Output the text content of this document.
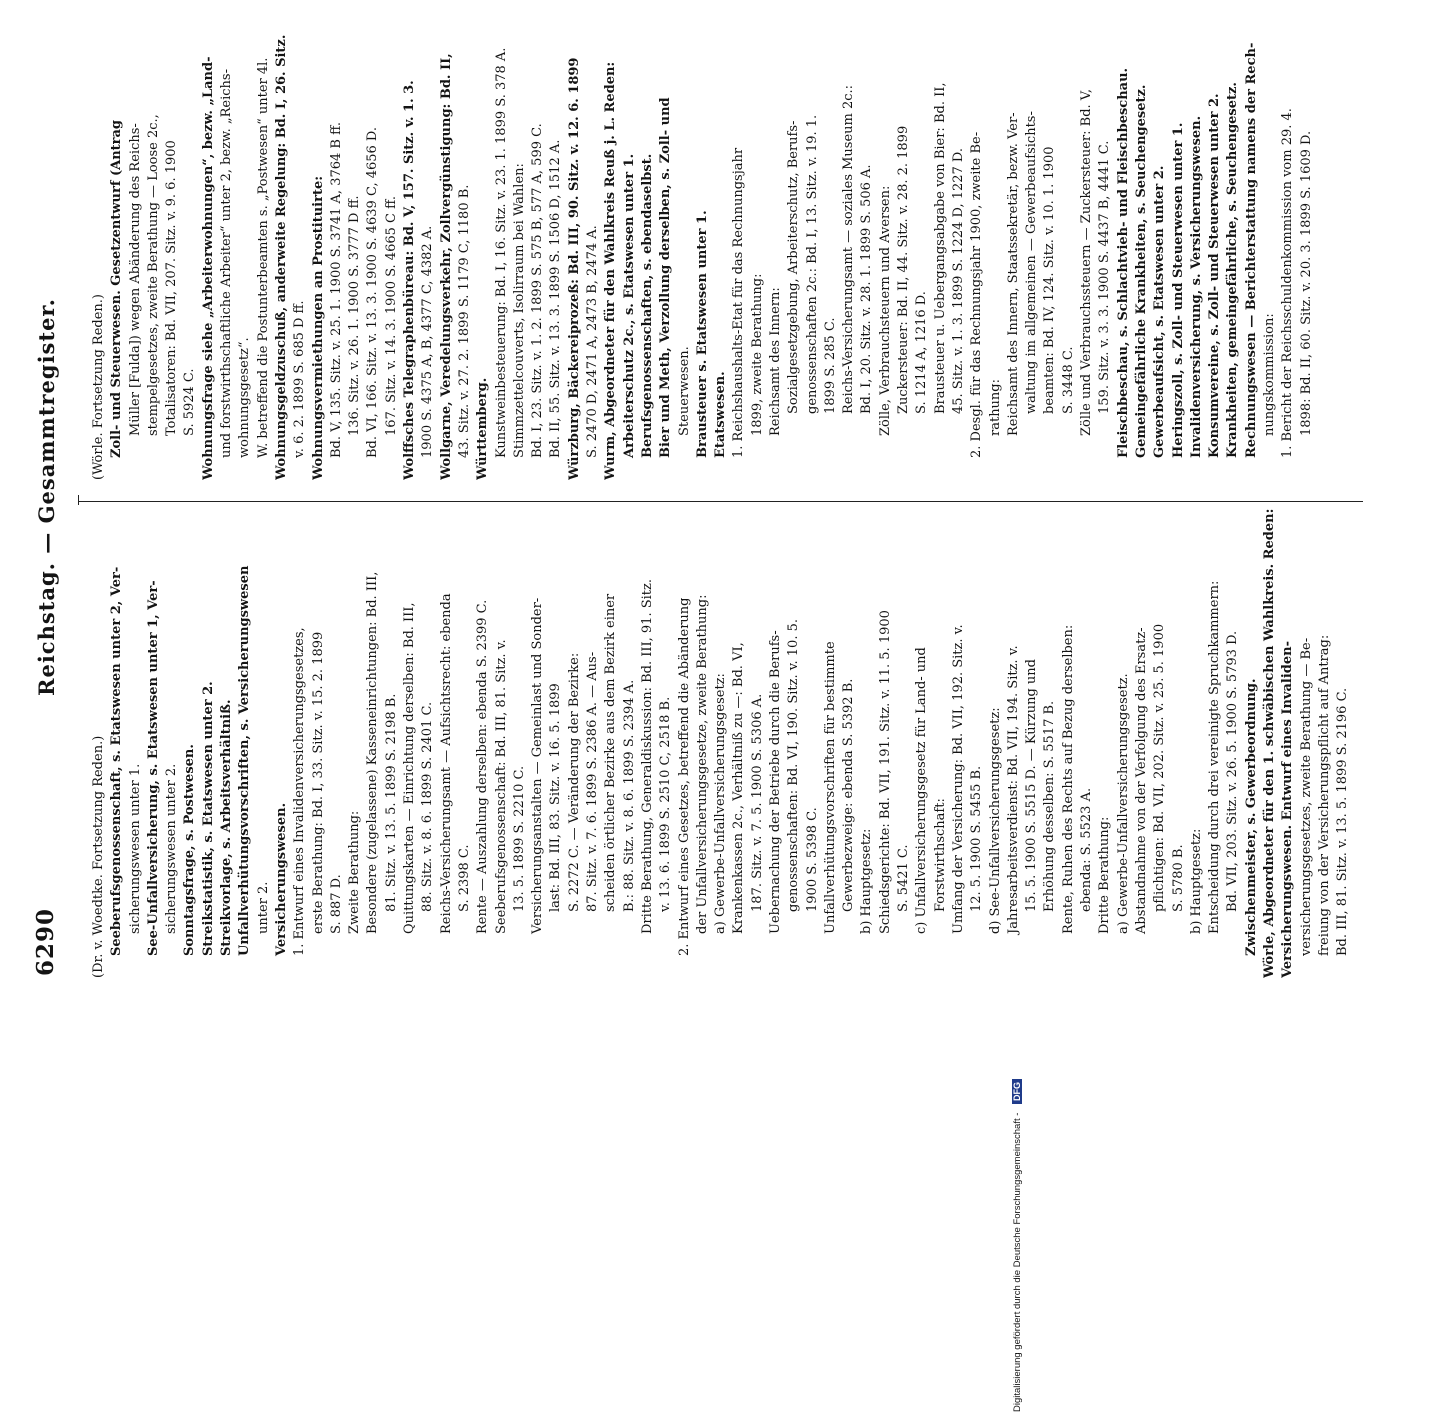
6290
Reichstag. — Gesammtregister.
(Dr. v. Woedtke. Fortsetzung Reden.) Seeberufsgenossenschaft, s. Etatswesen unter 2, Ver- sicherungswesen unter 1. See-Unfallversicherung, s. Etatswesen unter 1, Ver- sicherungswesen unter 2. Sonntagsfrage, s. Postwesen. Streikstatistik, s. Etatswesen unter 2. Streikvorlage, s. Arbeitsverhältniß. Unfallverhütungsvorschriften, s. Versicherungswesen unter 2. Versicherungswesen. 1. Entwurf eines Invalidenversicherungsgesetzes, erste Berathung: Bd. I, 33. Sitz. v. 15. 2. 1899 S. 887 D. Zweite Berathung: Besondere (zugelassene) Kasseneinrichtungen: Bd. III, 81. Sitz. v. 13. 5. 1899 S. 2198 B. Quittungskarten — Einrichtung derselben: Bd. III, 88. Sitz. v. 8. 6. 1899 S. 2401 C. Reichs-Versicherungsamt — Aufsichtsrecht: ebenda S. 2398 C. Rente — Auszahlung derselben: ebenda S. 2399 C. Seeberufsgenossenschaft: Bd. III, 81. Sitz. v. 13. 5. 1899 S. 2210 C. Versicherungsanstalten — Gemeinlast und Sonder- last: Bd. III, 83. Sitz. v. 16. 5. 1899 S. 2272 C. — Veränderung der Bezirke: 87. Sitz. v. 7. 6. 1899 S. 2386 A. — Aus- scheiden örtlicher Bezirke aus dem Bezirk einer B.: 88. Sitz. v. 8. 6. 1899 S. 2394 A. Dritte Berathung, Generaldiskussion: Bd. III, 91. Sitz. v. 13. 6. 1899 S. 2510 C, 2518 B. 2. Entwurf eines Gesetzes, betreffend die Abänderung der Unfallversicherungsgesetze, zweite Berathung: a) Gewerbe-Unfallversicherungsgesetz: Krankenkassen 2c., Verhältniß zu —: Bd. VI, 187. Sitz. v. 7. 5. 1900 S. 5306 A. Uebernachung der Betriebe durch die Berufs- genossenschaften: Bd. VI, 190. Sitz. v. 10. 5. 1900 S. 5398 C. Unfallverhütungsvorschriften für bestimmte Gewerbezweige: ebenda S. 5392 B. b) Hauptgesetz: Schiedsgerichte: Bd. VII, 191. Sitz. v. 11. 5. 1900 S. 5421 C. c) Unfallversicherungsgesetz für Land- und Forstwirthschaft: Umfang der Versicherung: Bd. VII, 192. Sitz. v. 12. 5. 1900 S. 5455 B. d) See-Unfallversicherungsgesetz: Jahresarbeitsverdienst: Bd. VII, 194. Sitz. v. 15. 5. 1900 S. 5515 D. — Kürzung und Erhöhung desselben: S. 5517 B. Rente, Ruhen des Rechts auf Bezug derselben: ebenda: S. 5523 A. Dritte Berathung: a) Gewerbe-Unfallversicherungsgesetz. Abstandnahme von der Verfolgung des Ersatz- pflichtigen: Bd. VII, 202. Sitz. v. 25. 5. 1900 S. 5780 B. b) Hauptgesetz: Entscheidung durch drei vereinigte Spruchkammern: Bd. VII, 203. Sitz. v. 26. 5. 1900 S. 5793 D. Zwischenmeister, s. Gewerbeordnung. Wörle, Abgeordneter für den 1. schwäbischen Wahlkreis. Reden: Versicherungswesen. Entwurf eines Invaliden- versicherungsgesetzes, zweite Berathung — Be- freiung von der Versicherungspflicht auf Antrag: Bd. III, 81. Sitz. v. 13. 5. 1899 S. 2196 C.
(Wörle. Fortsetzung Reden.) Zoll- und Steuerwesen. Gesetzentwurf (Antrag Müller [Fulda]) wegen Abänderung des Reichs- stempelgesetzes, zweite Berathung — Loose 2c., Totalisatoren: Bd. VII, 207. Sitz. v. 9. 6. 1900 S. 5924 C. Wohnungsfrage siehe „Arbeiterwohnungen“, bezw. „Land- und forstwirthschaftliche Arbeiter“ unter 2, bezw. „Reichs- wohnungsgesetz“. W. betreffend die Postunterbeamten s. „Postwesen“ unter 4l. Wohnungsgeldzuschuß, anderweite Regelung: Bd. I, 26. Sitz. v. 6. 2. 1899 S. 685 D ff. Wohnungsvermiethungen an Prostituirte: Bd. V, 135. Sitz. v. 25. 1. 1900 S. 3741 A, 3764 B ff. 136. Sitz. v. 26. 1. 1900 S. 3777 D ff. Bd. VI, 166. Sitz. v. 13. 3. 1900 S. 4639 C, 4656 D. 167. Sitz. v. 14. 3. 1900 S. 4665 C ff. Wolffsches Telegraphenbüreau: Bd. V, 157. Sitz. v. 1. 3. 1900 S. 4375 A, B, 4377 C, 4382 A. Wollgarne, Veredelungsverkehr, Zollvergünstigung: Bd. II, 43. Sitz. v. 27. 2. 1899 S. 1179 C, 1180 B. Württemberg. Kunstweinbesteuerung: Bd. I, 16. Sitz. v. 23. 1. 1899 S. 378 A. Stimmzettelcouverts, Isolirraum bei Wahlen: Bd. I, 23. Sitz. v. 1. 2. 1899 S. 575 B, 577 A, 599 C. Bd. II, 55. Sitz. v. 13. 3. 1899 S. 1506 D, 1512 A. Würzburg, Bäckereiprozeß: Bd. III, 90. Sitz. v. 12. 6. 1899 S. 2470 D, 2471 A, 2473 B, 2474 A. Wurm, Abgeordneter für den Wahlkreis Reuß j. L. Reden: Arbeiterschutz 2c., s. Etatswesen unter 1. Berufsgenossenschaften, s. ebendaselbst. Bier und Meth, Verzollung derselben, s. Zoll- und Steuerwesen. Brausteuer s. Etatswesen unter 1. Etatswesen. 1. Reichshaushalts-Etat für das Rechnungsjahr 1899, zweite Berathung: Reichsamt des Innern: Sozialgesetzgebung, Arbeiterschutz, Berufs- genossenschaften 2c.: Bd. I, 13. Sitz. v. 19. 1. 1899 S. 285 C. Reichs-Versicherungsamt — soziales Museum 2c.: Bd. I, 20. Sitz. v. 28. 1. 1899 S. 506 A. Zölle, Verbrauchsteuern und Aversen: Zuckersteuer: Bd. II, 44. Sitz. v. 28. 2. 1899 S. 1214 A, 1216 D. Brausteuer u. Uebergangsabgabe von Bier: Bd. II, 45. Sitz. v. 1. 3. 1899 S. 1224 D, 1227 D. 2. Desgl. für das Rechnungsjahr 1900, zweite Be- rathung: Reichsamt des Innern, Staatssekretär, bezw. Ver- waltung im allgemeinen — Gewerbeaufsichts- beamten: Bd. IV, 124. Sitz. v. 10. 1. 1900 S. 3448 C. Zölle und Verbrauchssteuern — Zuckersteuer: Bd. V, 159. Sitz. v. 3. 3. 1900 S. 4437 B, 4441 C. Fleischbeschau, s. Schlachtvieh- und Fleischbeschau. Gemeingefährliche Krankheiten, s. Seuchengesetz. Gewerbeaufsicht, s. Etatswesen unter 2. Heringszoll, s. Zoll- und Steuerwesen unter 1. Invalidenversicherung, s. Versicherungswesen. Konsumvereine, s. Zoll- und Steuerwesen unter 2. Krankheiten, gemeingefährliche, s. Seuchengesetz. Rechnungswesen — Berichterstattung namens der Rech- nungskommission: 1. Bericht der Reichsschuldenkommission vom 29. 4. 1898: Bd. II, 60. Sitz. v. 20. 3. 1899 S. 1609 D.
Digitalisierung gefördert durch die Deutsche Forschungsgemeinschaft - DFG
